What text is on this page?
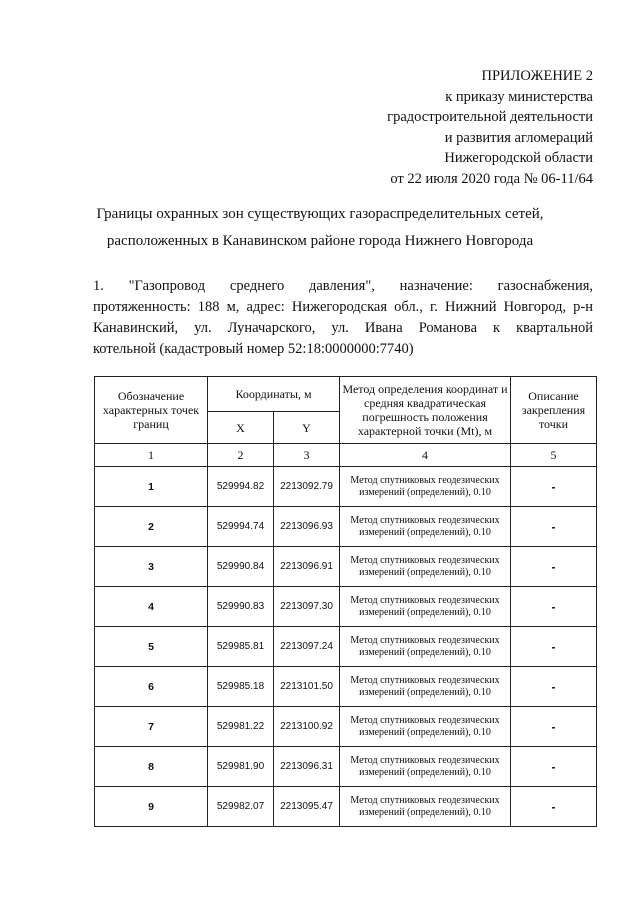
ПРИЛОЖЕНИЕ 2
к приказу министерства
градостроительной деятельности
и развития агломераций
Нижегородской области
от 22 июля 2020 года № 06-11/64
Границы охранных зон существующих газораспределительных сетей,
расположенных в Канавинском районе города Нижнего Новгорода
1. "Газопровод среднего давления", назначение: газоснабжения,
протяженность: 188 м, адрес: Нижегородская обл., г. Нижний Новгород, р-н
Канавинский, ул. Луначарского, ул. Ивана Романова к квартальной
котельной (кадастровый номер 52:18:0000000:7740)
Обозначение характерных точек границ	Координаты, м		Метод определения координат и средняя квадратическая погрешность положения характерной точки (Mt), м	Описание закрепления точки
	X	Y		
1	2	3	4	5
1	529994.82	2213092.79	Метод спутниковых геодезических измерений (определений), 0.10	-
2	529994.74	2213096.93	Метод спутниковых геодезических измерений (определений), 0.10	-
3	529990.84	2213096.91	Метод спутниковых геодезических измерений (определений), 0.10	-
4	529990.83	2213097.30	Метод спутниковых геодезических измерений (определений), 0.10	-
5	529985.81	2213097.24	Метод спутниковых геодезических измерений (определений), 0.10	-
6	529985.18	2213101.50	Метод спутниковых геодезических измерений (определений), 0.10	-
7	529981.22	2213100.92	Метод спутниковых геодезических измерений (определений), 0.10	-
8	529981.90	2213096.31	Метод спутниковых геодезических измерений (определений), 0.10	-
9	529982.07	2213095.47	Метод спутниковых геодезических измерений (определений), 0.10	-
